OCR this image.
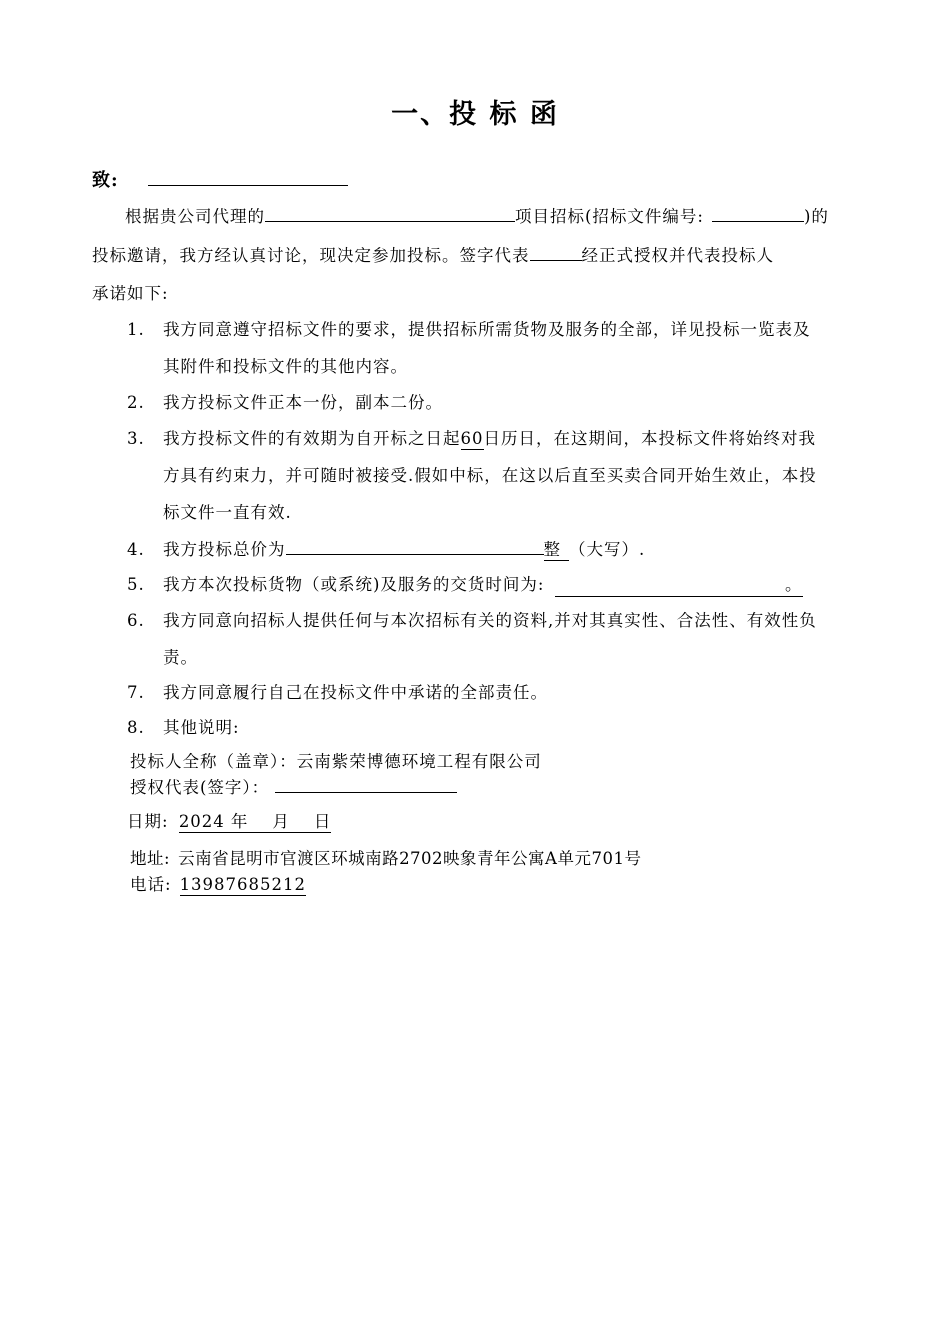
一、投 标 函
致:
根据贵公司代理的	项目招标(招标文件编号:	)的
投标邀请，我方经认真讨论，现决定参加投标。签字代表	经正式授权并代表投标人
承诺如下:
1. 我方同意遵守招标文件的要求，提供招标所需货物及服务的全部，详见投标一览表及
其附件和投标文件的其他内容。
2. 我方投标文件正本一份，副本二份。
3. 我方投标文件的有效期为自开标之日起60日历日，在这期间，本投标文件将始终对我
方具有约束力，并可随时被接受.假如中标，在这以后直至买卖合同开始生效止，本投
标文件一直有效.
4. 我方投标总价为	整 （大写）.
5. 我方本次投标货物（或系统)及服务的交货时间为:	。
6. 我方同意向招标人提供任何与本次招标有关的资料,并对其真实性、合法性、有效性负
责。
7. 我方同意履行自己在投标文件中承诺的全部责任。
8. 其他说明:
投标人全称（盖章）：云南紫荣博德环境工程有限公司
授权代表(签字）：
日期: 2024 年 月 日
地址: 云南省昆明市官渡区环城南路2702映象青年公寓A单元701号
电话: 13987685212
